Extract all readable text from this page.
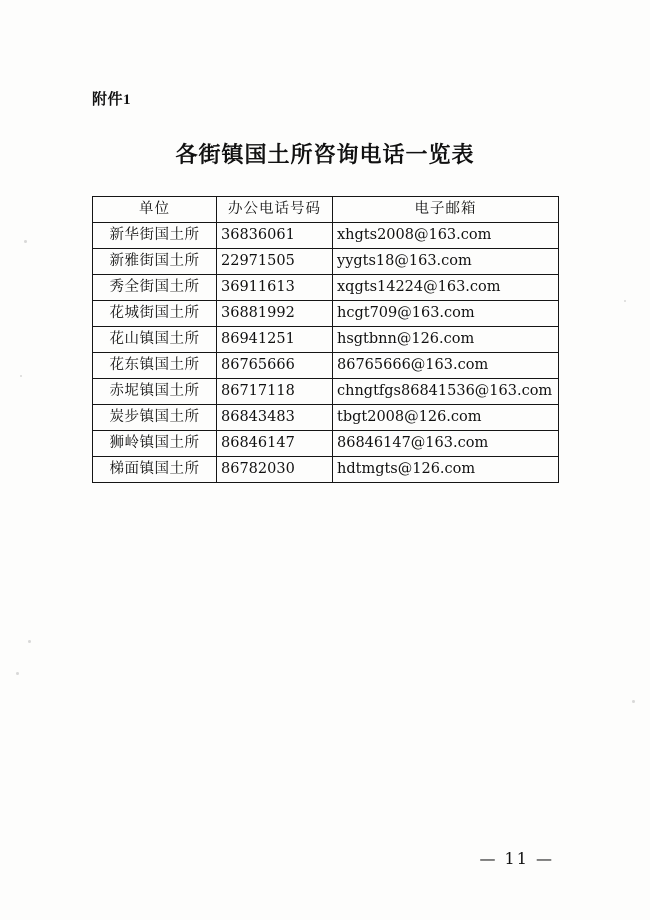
附件1
各街镇国土所咨询电话一览表
单位	办公电话号码	电子邮箱
新华街国土所	36836061	xhgts2008@163.com
新雅街国土所	22971505	yygts18@163.com
秀全街国土所	36911613	xqgts14224@163.com
花城街国土所	36881992	hcgt709@163.com
花山镇国土所	86941251	hsgtbnn@126.com
花东镇国土所	86765666	86765666@163.com
赤坭镇国土所	86717118	chngtfgs86841536@163.com
炭步镇国土所	86843483	tbgt2008@126.com
狮岭镇国土所	86846147	86846147@163.com
梯面镇国土所	86782030	hdtmgts@126.com
— 11 —
